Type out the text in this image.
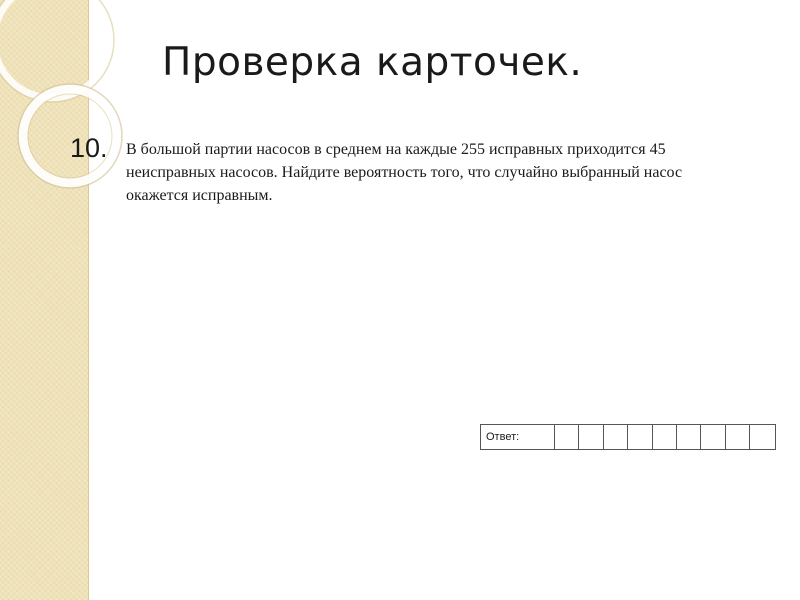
Проверка карточек.
10. В большой партии насосов в среднем на каждые 255 исправных приходится 45 неисправных насосов. Найдите вероятность того, что случайно выбранный насос окажется исправным.

Ответ:
